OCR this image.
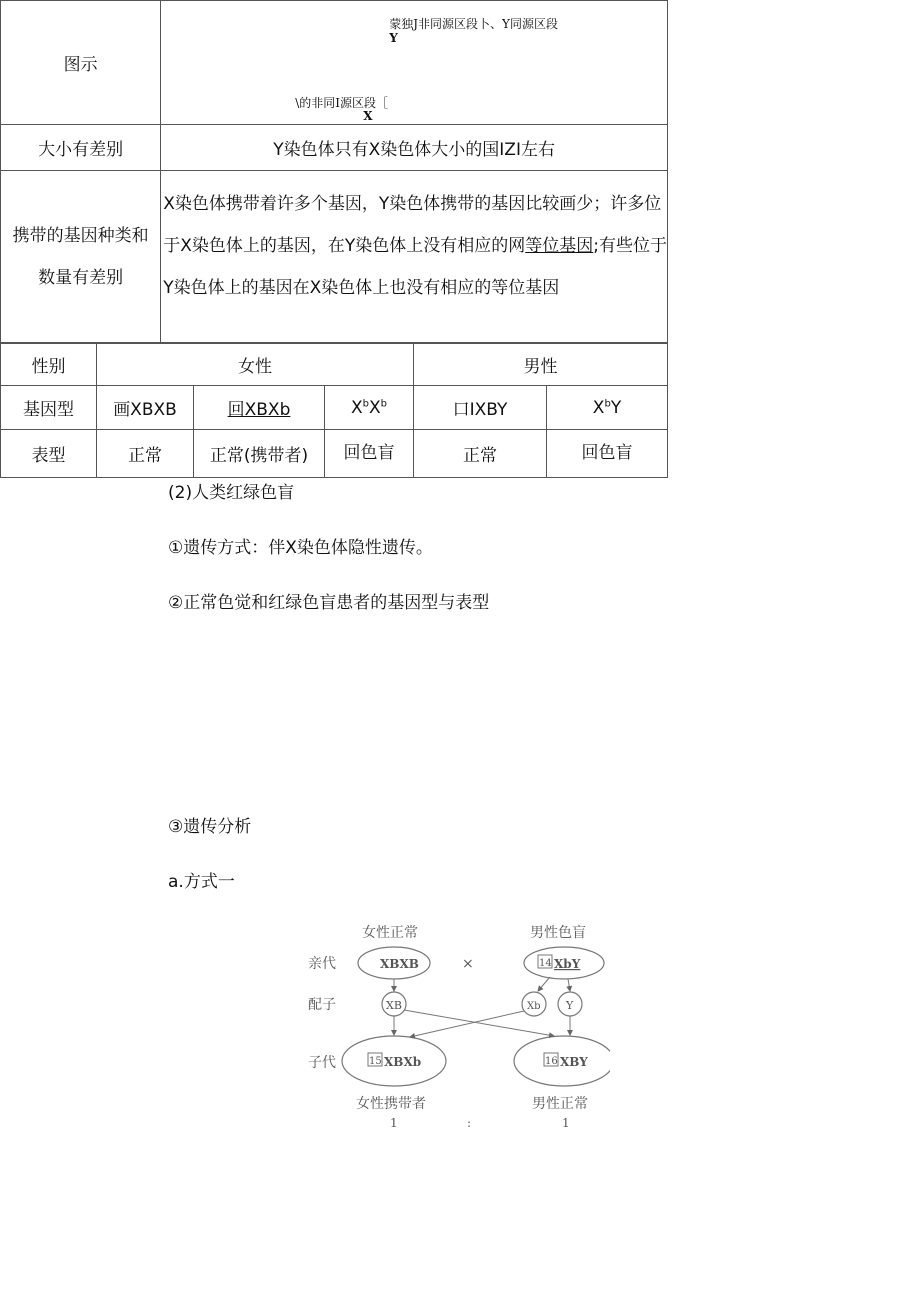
图示	蒙独J非同源区段卜、Y同源区段
Y
\的非同I源区段［
X

大小有差别	Y染色体只有X染色体大小的国IZI左右
携带的基因种类和数量有差别	X染色体携带着许多个基因，Y染色体携带的基因比较画少；许多位
于X染色体上的基因，在Y染色体上没有相应的网等位基因;有些位于
Y染色体上的基因在X染色体上也没有相应的等位基因
(2)人类红绿色盲
①遗传方式：伴X染色体隐性遗传。
②正常色觉和红绿色盲患者的基因型与表型
性别	女性			男性	
基因型	画XBXB	回XBXb	$X^bX^b$	口IXBY	$X^bY$
表型	正常	正常(携带者)	回色盲	正常	回色盲
③遗传分析
a.方式一
女性正常	男性色盲
亲代
配子
子代
×
XBXB	14 XbY
XB	Xb Y
15 XBXb	16 XBY
女性携带者	男性正常
1	:	1
